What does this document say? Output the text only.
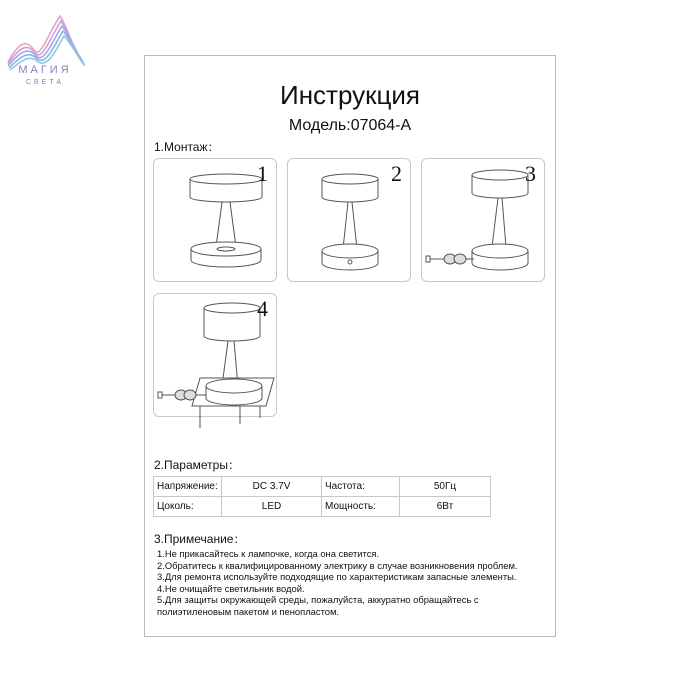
МАГИЯ
СВЕТА	Инструкция
Модель:07064-А
1.Монтаж：
1	2	3
4
2.Параметры：
Напряжение:	DC 3.7V	Частота:	50Гц
Цоколь:	LED	Мощность:	6Вт
3.Примечание：
1.Не прикасайтесь к лампочке, когда она светится.
2.Обратитесь к квалифицированному электрику в случае возникновения проблем.
3.Для ремонта используйте подходящие по характеристикам запасные элементы.
4.Не очищайте светильник водой.
5.Для защиты окружающей среды, пожалуйста, аккуратно обращайтесь с
полиэтиленовым пакетом и пенопластом.
